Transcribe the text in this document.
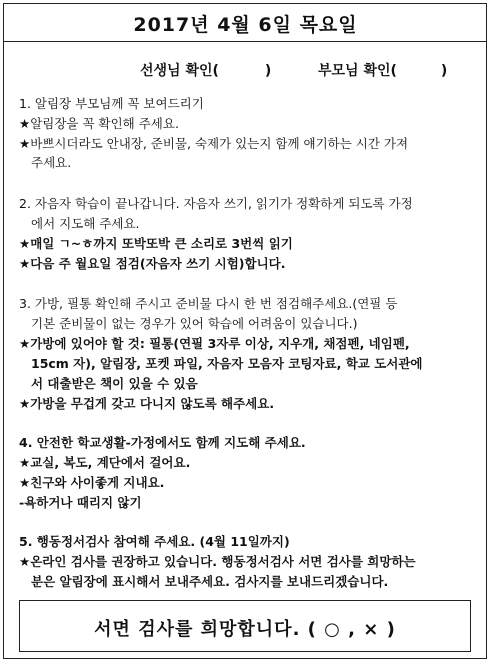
2017년 4월 6일 목요일
선생님 확인(	)	부모님 확인(	)
1. 알림장 부모님께 꼭 보여드리기
★알림장을 꼭 확인해 주세요.
★바쁘시더라도 안내장, 준비물, 숙제가 있는지 함께 얘기하는 시간 가져
주세요.
2. 자음자 학습이 끝나갑니다. 자음자 쓰기, 읽기가 정확하게 되도록 가정
에서 지도해 주세요.
★매일 ㄱ~ㅎ까지 또박또박 큰 소리로 3번씩 읽기
★다음 주 월요일 점검(자음자 쓰기 시험)합니다.
3. 가방, 필통 확인해 주시고 준비물 다시 한 번 점검해주세요.(연필 등
기본 준비물이 없는 경우가 있어 학습에 어려움이 있습니다.)
★가방에 있어야 할 것: 필통(연필 3자루 이상, 지우개, 채점펜, 네임펜,
15cm 자), 알림장, 포켓 파일, 자음자 모음자 코팅자료, 학교 도서관에
서 대출받은 책이 있을 수 있음
★가방을 무겁게 갖고 다니지 않도록 해주세요.
4. 안전한 학교생활-가정에서도 함께 지도해 주세요.
★교실, 복도, 계단에서 걸어요.
★친구와 사이좋게 지내요.
-욕하거나 때리지 않기
5. 행동정서검사 참여해 주세요. (4월 11일까지)
★온라인 검사를 권장하고 있습니다. 행동정서검사 서면 검사를 희망하는
분은 알림장에 표시해서 보내주세요. 검사지를 보내드리겠습니다.
서면 검사를 희망합니다. ( ○ , × )
